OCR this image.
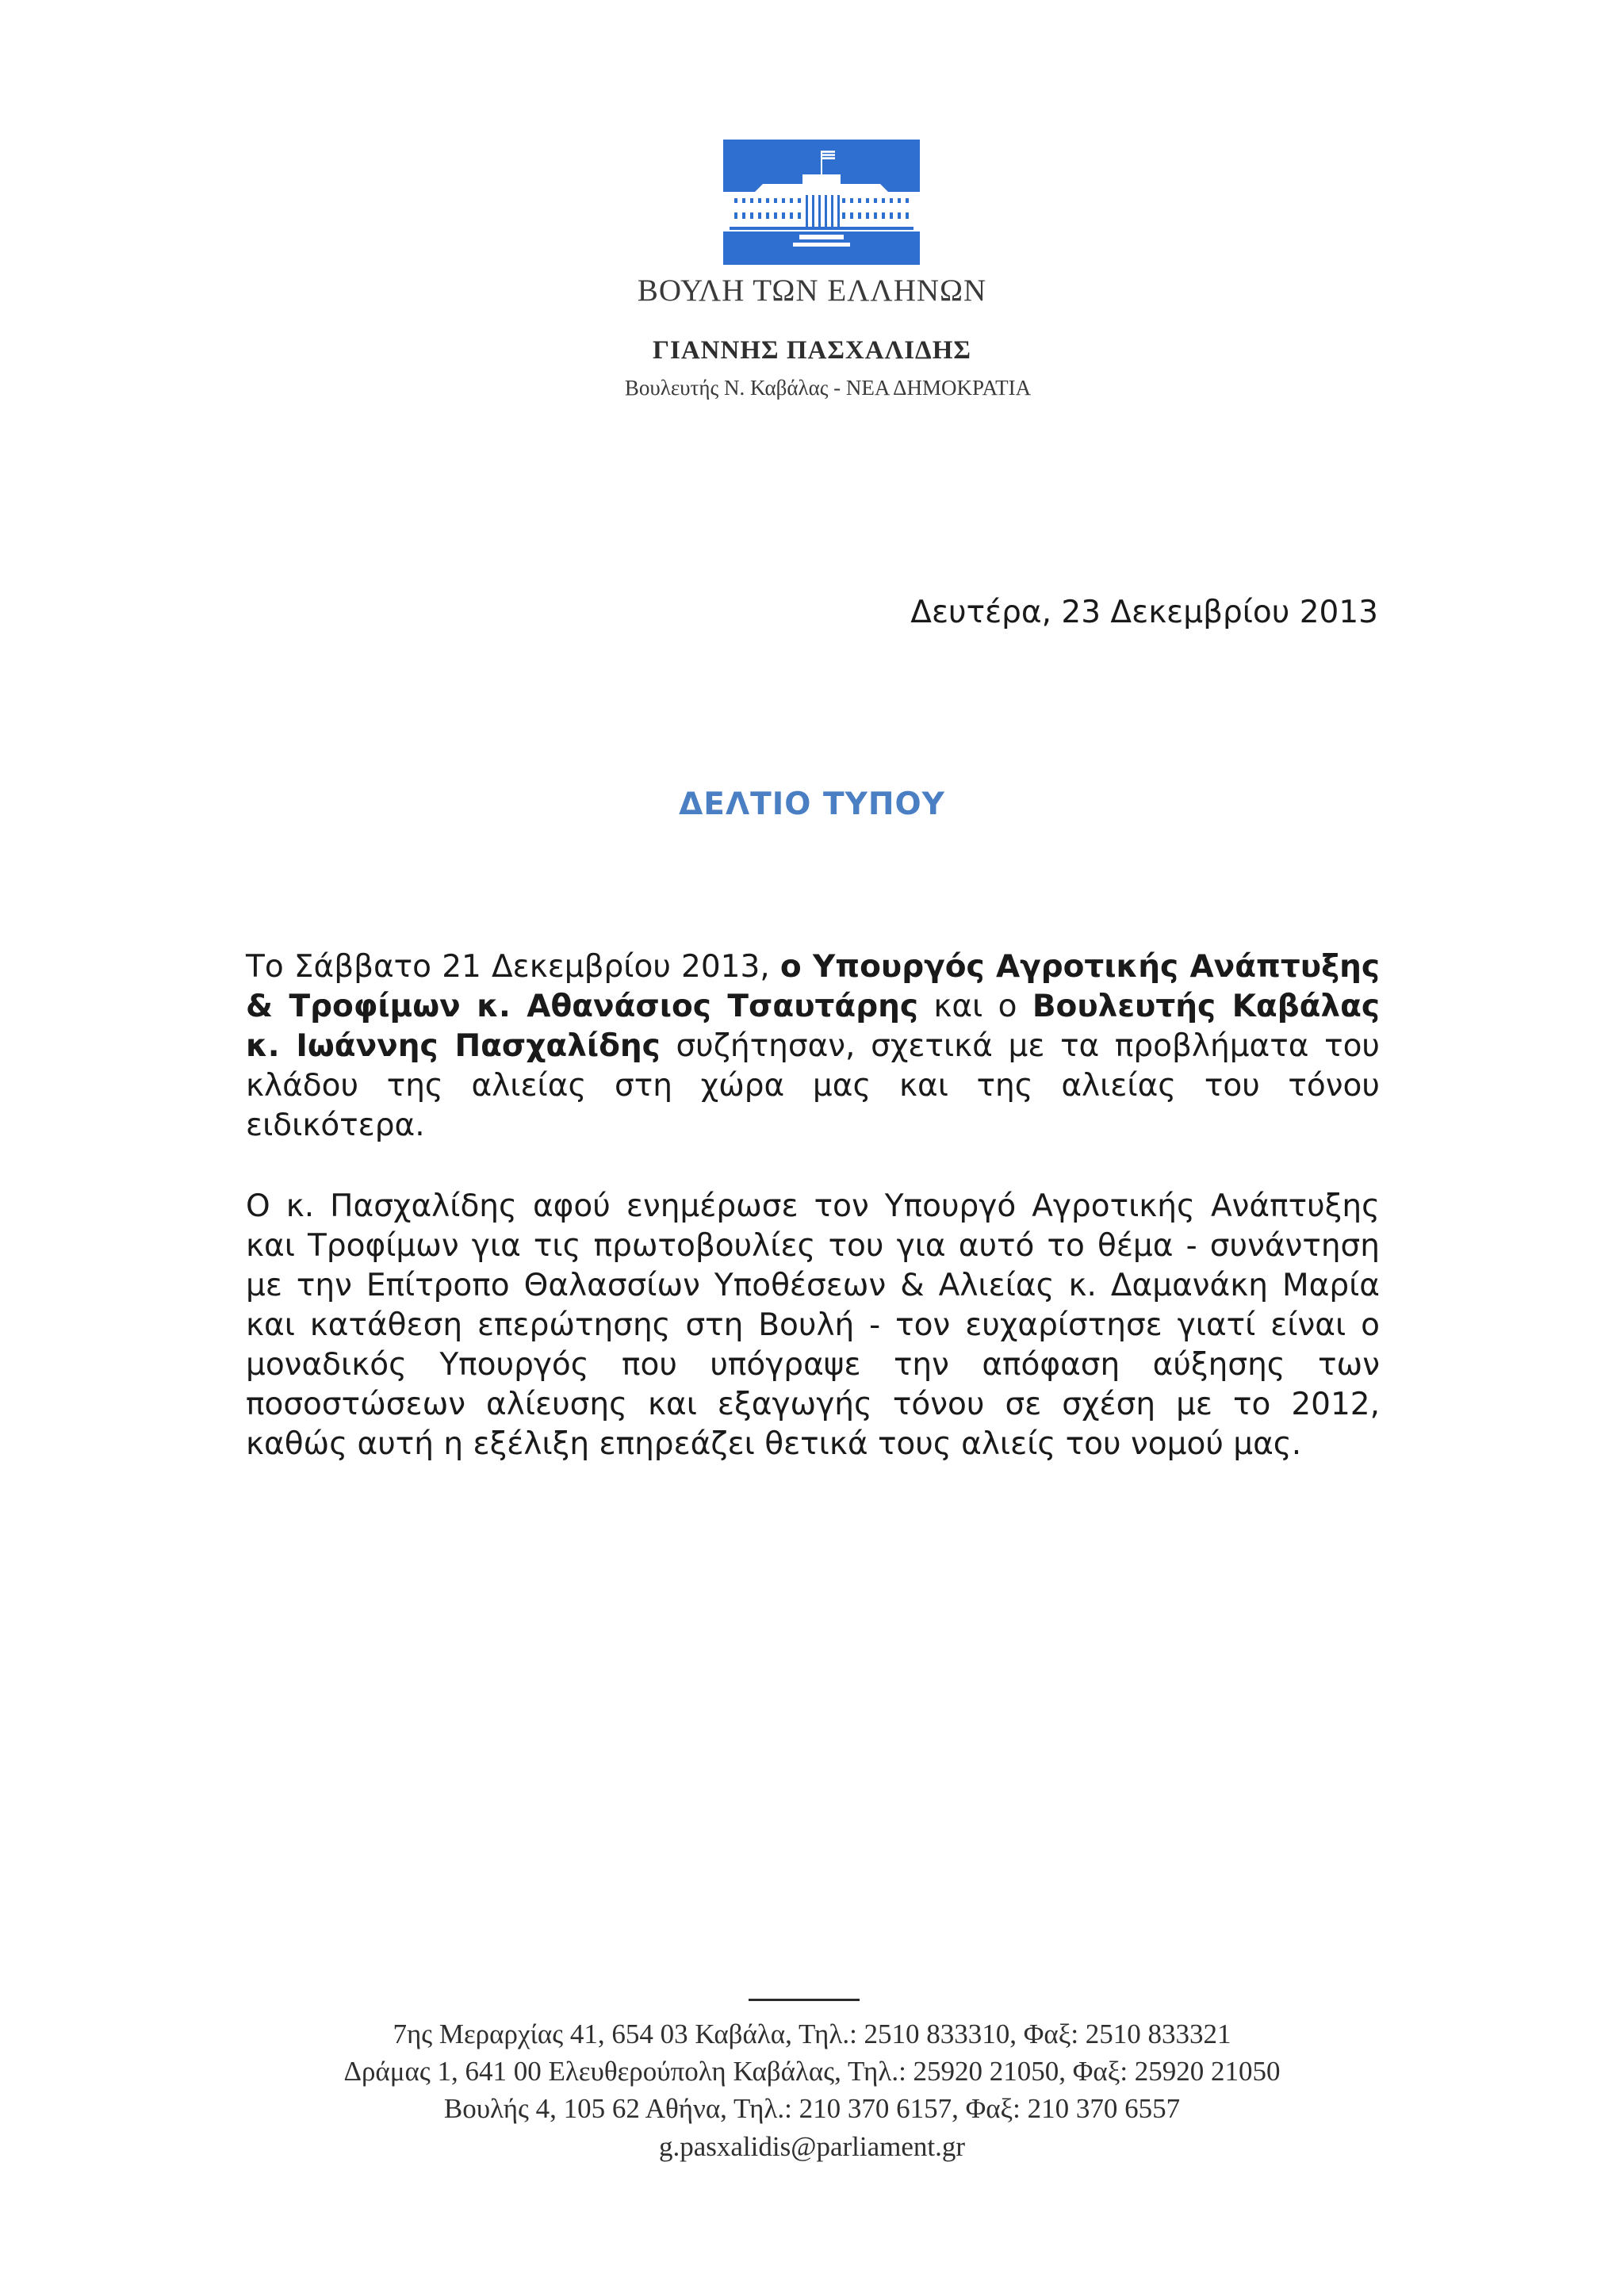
ΒΟΥΛΗ ΤΩΝ ΕΛΛΗΝΩΝ
ΓΙΑΝΝΗΣ ΠΑΣΧΑΛΙΔΗΣ
Βουλευτής Ν. Καβάλας - ΝΕΑ ΔΗΜΟΚΡΑΤΙΑ
Δευτέρα, 23 Δεκεμβρίου 2013
ΔΕΛΤΙΟ ΤΥΠΟΥ
Το Σάββατο 21 Δεκεμβρίου 2013, ο Υπουργός Αγροτικής Ανάπτυξης & Τροφίμων κ. Αθανάσιος Τσαυτάρης και ο Βουλευτής Καβάλας κ. Ιωάννης Πασχαλίδης συζήτησαν, σχετικά με τα προβλήματα του κλάδου της αλιείας στη χώρα μας και της αλιείας του τόνου ειδικότερα.
Ο κ. Πασχαλίδης αφού ενημέρωσε τον Υπουργό Αγροτικής Ανάπτυξης και Τροφίμων για τις πρωτοβουλίες του για αυτό το θέμα - συνάντηση με την Επίτροπο Θαλασσίων Υποθέσεων & Αλιείας κ. Δαμανάκη Μαρία και κατάθεση επερώτησης στη Βουλή - τον ευχαρίστησε γιατί είναι ο μοναδικός Υπουργός που υπόγραψε την απόφαση αύξησης των ποσοστώσεων αλίευσης και εξαγωγής τόνου σε σχέση με το 2012, καθώς αυτή η εξέλιξη επηρεάζει θετικά τους αλιείς του νομού μας.
7ης Μεραρχίας 41, 654 03 Καβάλα, Τηλ.: 2510 833310, Φαξ: 2510 833321
Δράμας 1, 641 00 Ελευθερούπολη Καβάλας, Τηλ.: 25920 21050, Φαξ: 25920 21050
Βουλής 4, 105 62 Αθήνα, Τηλ.: 210 370 6157, Φαξ: 210 370 6557
g.pasxalidis@parliament.gr
